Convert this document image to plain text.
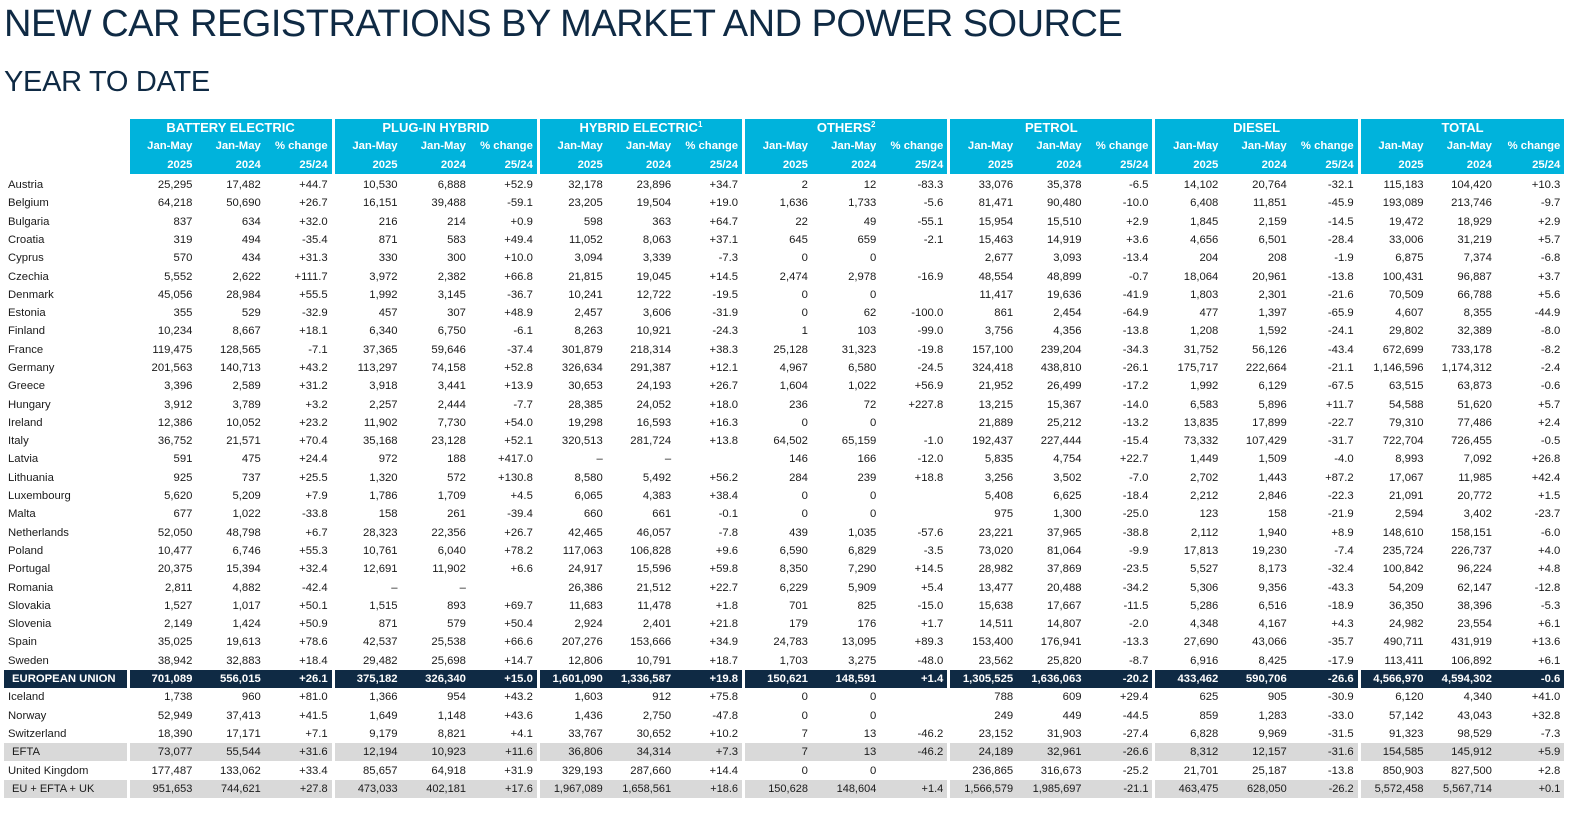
NEW CAR REGISTRATIONS BY MARKET AND POWER SOURCE
YEAR TO DATE
	BATTERY ELECTRIC			PLUG-IN HYBRID			HYBRID ELECTRIC$^1$			OTHERS$^2$			PETROL			DIESEL			TOTAL		
	Jan-May	Jan-May	% change	Jan-May	Jan-May	% change	Jan-May	Jan-May	% change	Jan-May	Jan-May	% change	Jan-May	Jan-May	% change	Jan-May	Jan-May	% change	Jan-May	Jan-May	% change
	2025	2024	25/24	2025	2024	25/24	2025	2024	25/24	2025	2024	25/24	2025	2024	25/24	2025	2024	25/24	2025	2024	25/24
Austria	25,295	17,482	+44.7	10,530	6,888	+52.9	32,178	23,896	+34.7	2	12	-83.3	33,076	35,378	-6.5	14,102	20,764	-32.1	115,183	104,420	+10.3
Belgium	64,218	50,690	+26.7	16,151	39,488	-59.1	23,205	19,504	+19.0	1,636	1,733	-5.6	81,471	90,480	-10.0	6,408	11,851	-45.9	193,089	213,746	-9.7
Bulgaria	837	634	+32.0	216	214	+0.9	598	363	+64.7	22	49	-55.1	15,954	15,510	+2.9	1,845	2,159	-14.5	19,472	18,929	+2.9
Croatia	319	494	-35.4	871	583	+49.4	11,052	8,063	+37.1	645	659	-2.1	15,463	14,919	+3.6	4,656	6,501	-28.4	33,006	31,219	+5.7
Cyprus	570	434	+31.3	330	300	+10.0	3,094	3,339	-7.3	0	0		2,677	3,093	-13.4	204	208	-1.9	6,875	7,374	-6.8
Czechia	5,552	2,622	+111.7	3,972	2,382	+66.8	21,815	19,045	+14.5	2,474	2,978	-16.9	48,554	48,899	-0.7	18,064	20,961	-13.8	100,431	96,887	+3.7
Denmark	45,056	28,984	+55.5	1,992	3,145	-36.7	10,241	12,722	-19.5	0	0		11,417	19,636	-41.9	1,803	2,301	-21.6	70,509	66,788	+5.6
Estonia	355	529	-32.9	457	307	+48.9	2,457	3,606	-31.9	0	62	-100.0	861	2,454	-64.9	477	1,397	-65.9	4,607	8,355	-44.9
Finland	10,234	8,667	+18.1	6,340	6,750	-6.1	8,263	10,921	-24.3	1	103	-99.0	3,756	4,356	-13.8	1,208	1,592	-24.1	29,802	32,389	-8.0
France	119,475	128,565	-7.1	37,365	59,646	-37.4	301,879	218,314	+38.3	25,128	31,323	-19.8	157,100	239,204	-34.3	31,752	56,126	-43.4	672,699	733,178	-8.2
Germany	201,563	140,713	+43.2	113,297	74,158	+52.8	326,634	291,387	+12.1	4,967	6,580	-24.5	324,418	438,810	-26.1	175,717	222,664	-21.1	1,146,596	1,174,312	-2.4
Greece	3,396	2,589	+31.2	3,918	3,441	+13.9	30,653	24,193	+26.7	1,604	1,022	+56.9	21,952	26,499	-17.2	1,992	6,129	-67.5	63,515	63,873	-0.6
Hungary	3,912	3,789	+3.2	2,257	2,444	-7.7	28,385	24,052	+18.0	236	72	+227.8	13,215	15,367	-14.0	6,583	5,896	+11.7	54,588	51,620	+5.7
Ireland	12,386	10,052	+23.2	11,902	7,730	+54.0	19,298	16,593	+16.3	0	0		21,889	25,212	-13.2	13,835	17,899	-22.7	79,310	77,486	+2.4
Italy	36,752	21,571	+70.4	35,168	23,128	+52.1	320,513	281,724	+13.8	64,502	65,159	-1.0	192,437	227,444	-15.4	73,332	107,429	-31.7	722,704	726,455	-0.5
Latvia	591	475	+24.4	972	188	+417.0	–	–		146	166	-12.0	5,835	4,754	+22.7	1,449	1,509	-4.0	8,993	7,092	+26.8
Lithuania	925	737	+25.5	1,320	572	+130.8	8,580	5,492	+56.2	284	239	+18.8	3,256	3,502	-7.0	2,702	1,443	+87.2	17,067	11,985	+42.4
Luxembourg	5,620	5,209	+7.9	1,786	1,709	+4.5	6,065	4,383	+38.4	0	0		5,408	6,625	-18.4	2,212	2,846	-22.3	21,091	20,772	+1.5
Malta	677	1,022	-33.8	158	261	-39.4	660	661	-0.1	0	0		975	1,300	-25.0	123	158	-21.9	2,594	3,402	-23.7
Netherlands	52,050	48,798	+6.7	28,323	22,356	+26.7	42,465	46,057	-7.8	439	1,035	-57.6	23,221	37,965	-38.8	2,112	1,940	+8.9	148,610	158,151	-6.0
Poland	10,477	6,746	+55.3	10,761	6,040	+78.2	117,063	106,828	+9.6	6,590	6,829	-3.5	73,020	81,064	-9.9	17,813	19,230	-7.4	235,724	226,737	+4.0
Portugal	20,375	15,394	+32.4	12,691	11,902	+6.6	24,917	15,596	+59.8	8,350	7,290	+14.5	28,982	37,869	-23.5	5,527	8,173	-32.4	100,842	96,224	+4.8
Romania	2,811	4,882	-42.4	–	–		26,386	21,512	+22.7	6,229	5,909	+5.4	13,477	20,488	-34.2	5,306	9,356	-43.3	54,209	62,147	-12.8
Slovakia	1,527	1,017	+50.1	1,515	893	+69.7	11,683	11,478	+1.8	701	825	-15.0	15,638	17,667	-11.5	5,286	6,516	-18.9	36,350	38,396	-5.3
Slovenia	2,149	1,424	+50.9	871	579	+50.4	2,924	2,401	+21.8	179	176	+1.7	14,511	14,807	-2.0	4,348	4,167	+4.3	24,982	23,554	+6.1
Spain	35,025	19,613	+78.6	42,537	25,538	+66.6	207,276	153,666	+34.9	24,783	13,095	+89.3	153,400	176,941	-13.3	27,690	43,066	-35.7	490,711	431,919	+13.6
Sweden	38,942	32,883	+18.4	29,482	25,698	+14.7	12,806	10,791	+18.7	1,703	3,275	-48.0	23,562	25,820	-8.7	6,916	8,425	-17.9	113,411	106,892	+6.1
EUROPEAN UNION	701,089	556,015	+26.1	375,182	326,340	+15.0	1,601,090	1,336,587	+19.8	150,621	148,591	+1.4	1,305,525	1,636,063	-20.2	433,462	590,706	-26.6	4,566,970	4,594,302	-0.6
Iceland	1,738	960	+81.0	1,366	954	+43.2	1,603	912	+75.8	0	0		788	609	+29.4	625	905	-30.9	6,120	4,340	+41.0
Norway	52,949	37,413	+41.5	1,649	1,148	+43.6	1,436	2,750	-47.8	0	0		249	449	-44.5	859	1,283	-33.0	57,142	43,043	+32.8
Switzerland	18,390	17,171	+7.1	9,179	8,821	+4.1	33,767	30,652	+10.2	7	13	-46.2	23,152	31,903	-27.4	6,828	9,969	-31.5	91,323	98,529	-7.3
EFTA	73,077	55,544	+31.6	12,194	10,923	+11.6	36,806	34,314	+7.3	7	13	-46.2	24,189	32,961	-26.6	8,312	12,157	-31.6	154,585	145,912	+5.9
United Kingdom	177,487	133,062	+33.4	85,657	64,918	+31.9	329,193	287,660	+14.4	0	0		236,865	316,673	-25.2	21,701	25,187	-13.8	850,903	827,500	+2.8
EU + EFTA + UK	951,653	744,621	+27.8	473,033	402,181	+17.6	1,967,089	1,658,561	+18.6	150,628	148,604	+1.4	1,566,579	1,985,697	-21.1	463,475	628,050	-26.2	5,572,458	5,567,714	+0.1
